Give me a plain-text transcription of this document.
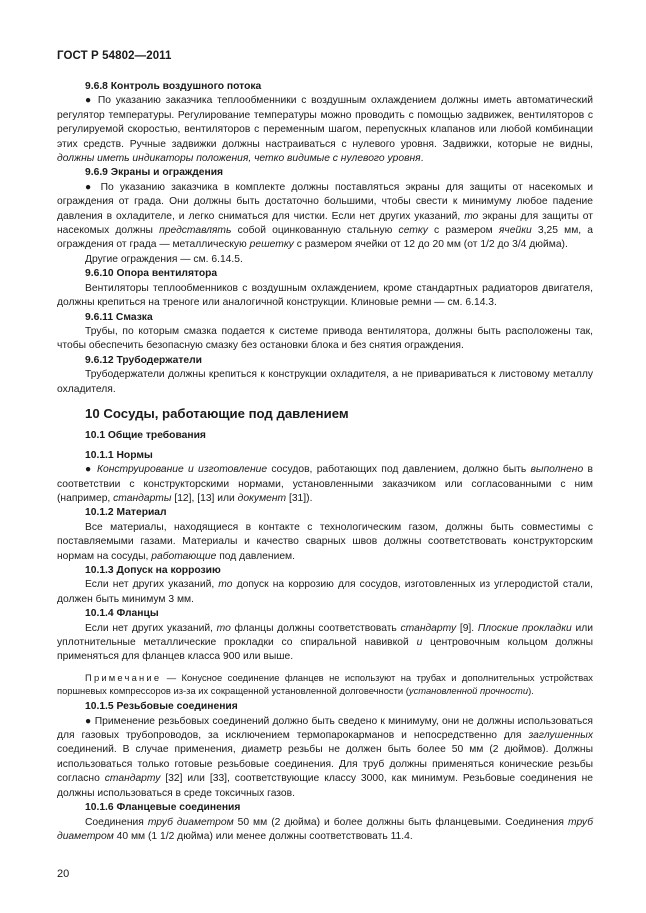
ГОСТ Р 54802—2011

9.6.8 Контроль воздушного потока

● По указанию заказчика теплообменники с воздушным охлаждением должны иметь автоматический регулятор температуры. Регулирование температуры можно проводить с помощью задвижек, вентиляторов с регулируемой скоростью, вентиляторов с переменным шагом, перепускных клапанов или любой комбинации этих средств. Ручные задвижки должны настраиваться с нулевого уровня. Задвижки, которые не видны, должны иметь индикаторы положения, четко видимые с нулевого уровня.

9.6.9 Экраны и ограждения

● По указанию заказчика в комплекте должны поставляться экраны для защиты от насекомых и ограждения от града. Они должны быть достаточно большими, чтобы свести к минимуму любое падение давления в охладителе, и легко сниматься для чистки. Если нет других указаний, то экраны для защиты от насекомых должны представлять собой оцинкованную стальную сетку с размером ячейки 3,25 мм, а ограждения от града — металлическую решетку с размером ячейки от 12 до 20 мм (от 1/2 до 3/4 дюйма).

Другие ограждения — см. 6.14.5.

9.6.10 Опора вентилятора

Вентиляторы теплообменников с воздушным охлаждением, кроме стандартных радиаторов двигателя, должны крепиться на треноге или аналогичной конструкции. Клиновые ремни — см. 6.14.3.

9.6.11 Смазка

Трубы, по которым смазка подается к системе привода вентилятора, должны быть расположены так, чтобы обеспечить безопасную смазку без остановки блока и без снятия ограждения.

9.6.12 Трубодержатели

Трубодержатели должны крепиться к конструкции охладителя, а не привариваться к листовому металлу охладителя.

10 Сосуды, работающие под давлением

10.1 Общие требования

10.1.1 Нормы

● Конструирование и изготовление сосудов, работающих под давлением, должно быть выполнено в соответствии с конструкторскими нормами, установленными заказчиком или согласованными с ним (например, стандарты [12], [13] или документ [31]).

10.1.2 Материал

Все материалы, находящиеся в контакте с технологическим газом, должны быть совместимы с поставляемыми газами. Материалы и качество сварных швов должны соответствовать конструкторским нормам на сосуды, работающие под давлением.

10.1.3 Допуск на коррозию

Если нет других указаний, то допуск на коррозию для сосудов, изготовленных из углеродистой стали, должен быть минимум 3 мм.

10.1.4 Фланцы

Если нет других указаний, то фланцы должны соответствовать стандарту [9]. Плоские прокладки или уплотнительные металлические прокладки со спиральной навивкой и центровочным кольцом должны применяться для фланцев класса 900 или выше.

Примечание — Конусное соединение фланцев не используют на трубах и дополнительных устройствах поршневых компрессоров из-за их сокращенной установленной долговечности (установленной прочности).

10.1.5 Резьбовые соединения

● Применение резьбовых соединений должно быть сведено к минимуму, они не должны использоваться для газовых трубопроводов, за исключением термопарокарманов и непосредственно для заглушенных соединений. В случае применения, диаметр резьбы не должен быть более 50 мм (2 дюймов). Должны использоваться только готовые резьбовые соединения. Для труб должны применяться конические резьбы согласно стандарту [32] или [33], соответствующие классу 3000, как минимум. Резьбовые соединения не должны использоваться в среде токсичных газов.

10.1.6 Фланцевые соединения

Соединения труб диаметром 50 мм (2 дюйма) и более должны быть фланцевыми. Соединения труб диаметром 40 мм (1 1/2 дюйма) или менее должны соответствовать 11.4.

20
